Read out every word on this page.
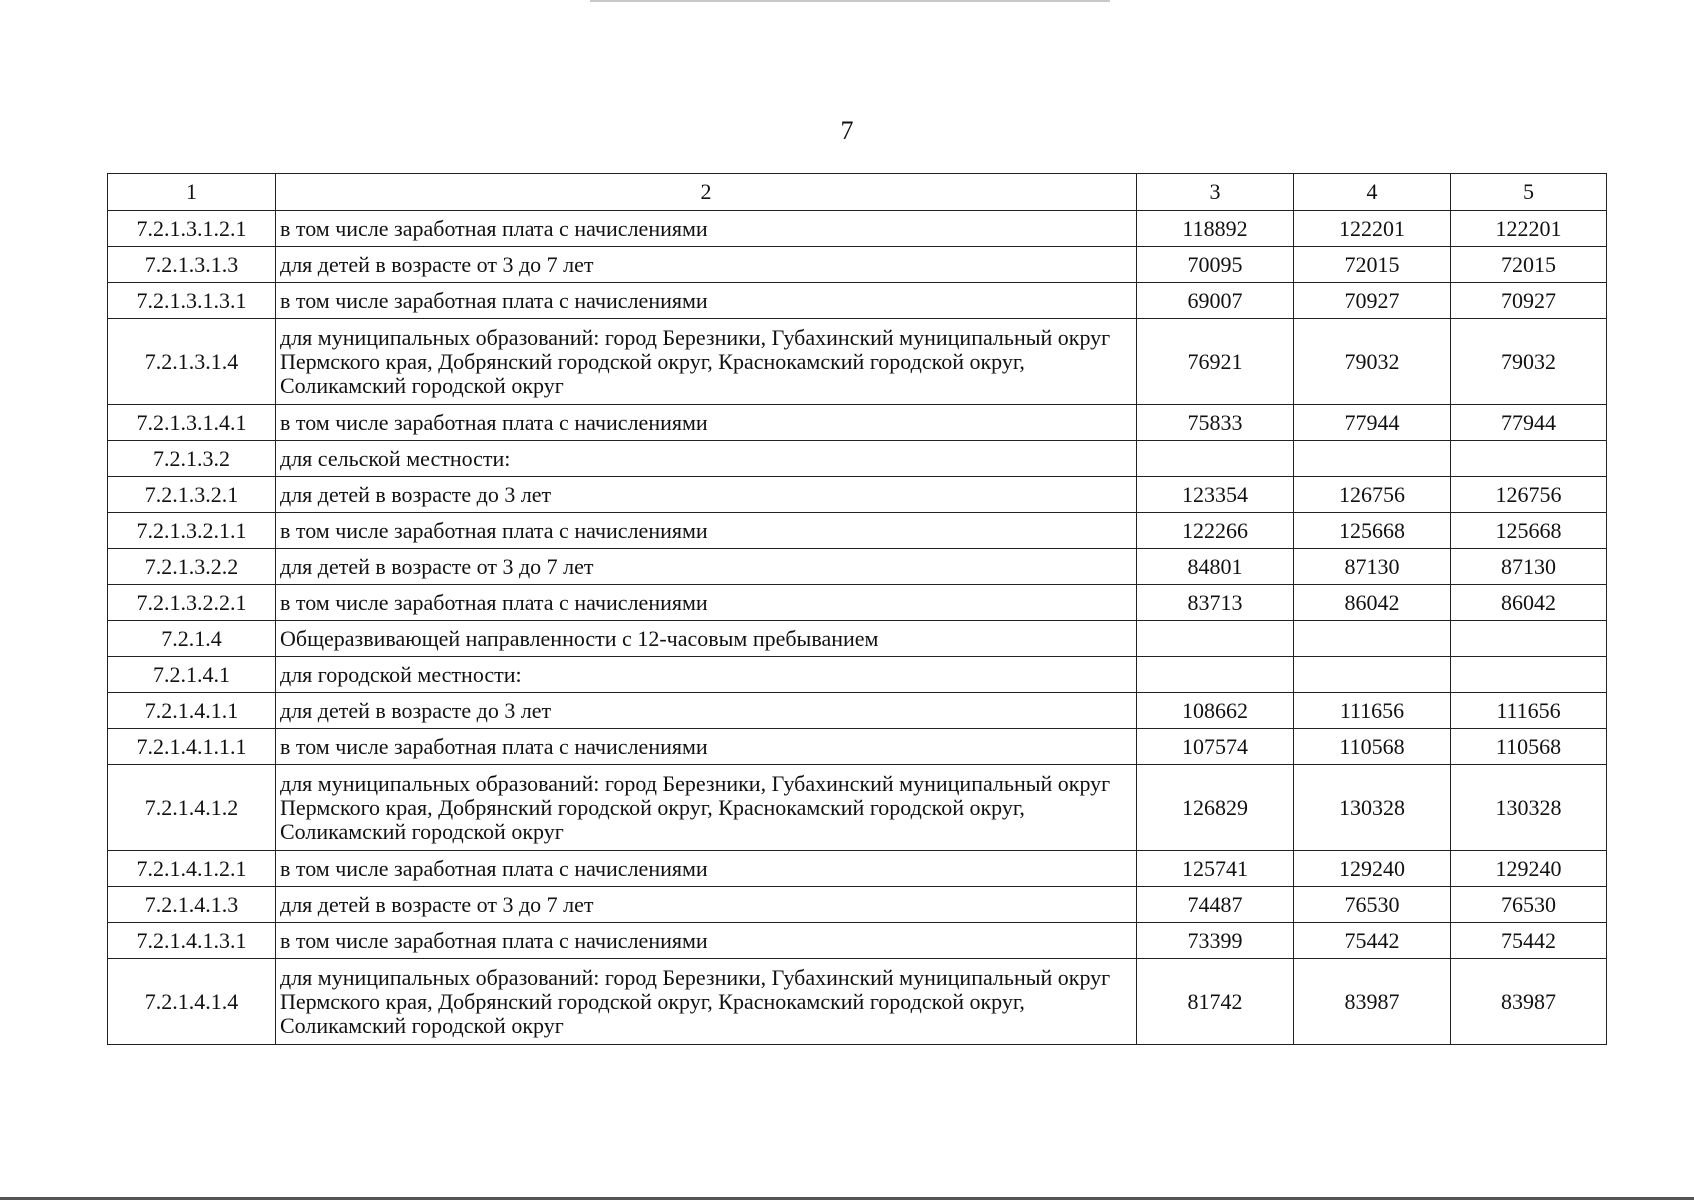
7
1	2	3	4	5
7.2.1.3.1.2.1	в том числе заработная плата с начислениями	118892	122201	122201
7.2.1.3.1.3	для детей в возрасте от 3 до 7 лет	70095	72015	72015
7.2.1.3.1.3.1	в том числе заработная плата с начислениями	69007	70927	70927
7.2.1.3.1.4	для муниципальных образований: город Березники, Губахинский муниципальный округ Пермского края, Добрянский городской округ, Краснокамский городской округ, Соликамский городской округ	76921	79032	79032
7.2.1.3.1.4.1	в том числе заработная плата с начислениями	75833	77944	77944
7.2.1.3.2	для сельской местности:			
7.2.1.3.2.1	для детей в возрасте до 3 лет	123354	126756	126756
7.2.1.3.2.1.1	в том числе заработная плата с начислениями	122266	125668	125668
7.2.1.3.2.2	для детей в возрасте от 3 до 7 лет	84801	87130	87130
7.2.1.3.2.2.1	в том числе заработная плата с начислениями	83713	86042	86042
7.2.1.4	Общеразвивающей направленности с 12-часовым пребыванием			
7.2.1.4.1	для городской местности:			
7.2.1.4.1.1	для детей в возрасте до 3 лет	108662	111656	111656
7.2.1.4.1.1.1	в том числе заработная плата с начислениями	107574	110568	110568
7.2.1.4.1.2	для муниципальных образований: город Березники, Губахинский муниципальный округ Пермского края, Добрянский городской округ, Краснокамский городской округ, Соликамский городской округ	126829	130328	130328
7.2.1.4.1.2.1	в том числе заработная плата с начислениями	125741	129240	129240
7.2.1.4.1.3	для детей в возрасте от 3 до 7 лет	74487	76530	76530
7.2.1.4.1.3.1	в том числе заработная плата с начислениями	73399	75442	75442
7.2.1.4.1.4	для муниципальных образований: город Березники, Губахинский муниципальный округ Пермского края, Добрянский городской округ, Краснокамский городской округ, Соликамский городской округ	81742	83987	83987
